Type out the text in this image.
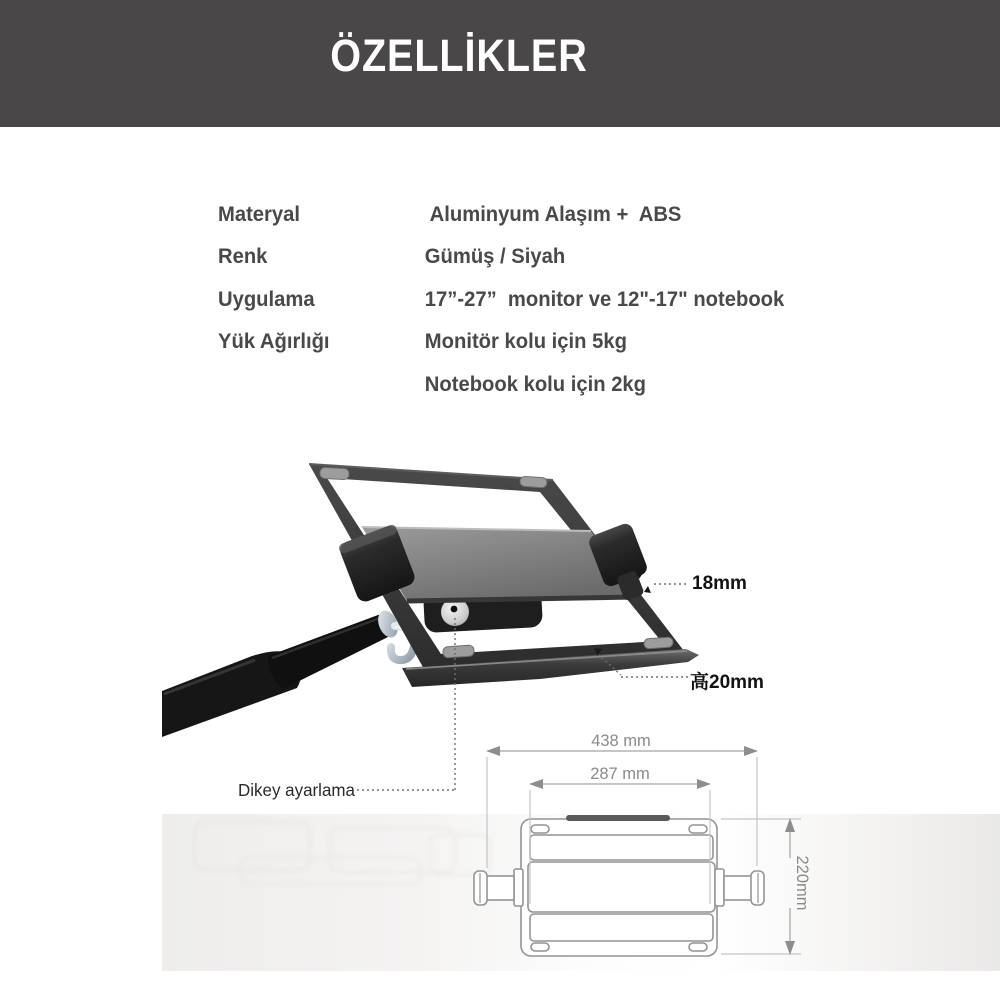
ÖZELLİKLER
Materyal	Aluminyum Alaşım +  ABS
Renk	Gümüş / Siyah
Uygulama	17”-27”  monitor ve 12"-17" notebook
Yük Ağırlığı	Monitör kolu için 5kg
Notebook kolu için 2kg
438 mm
287 mm
220mm
18mm
高20mm
Dikey ayarlama
